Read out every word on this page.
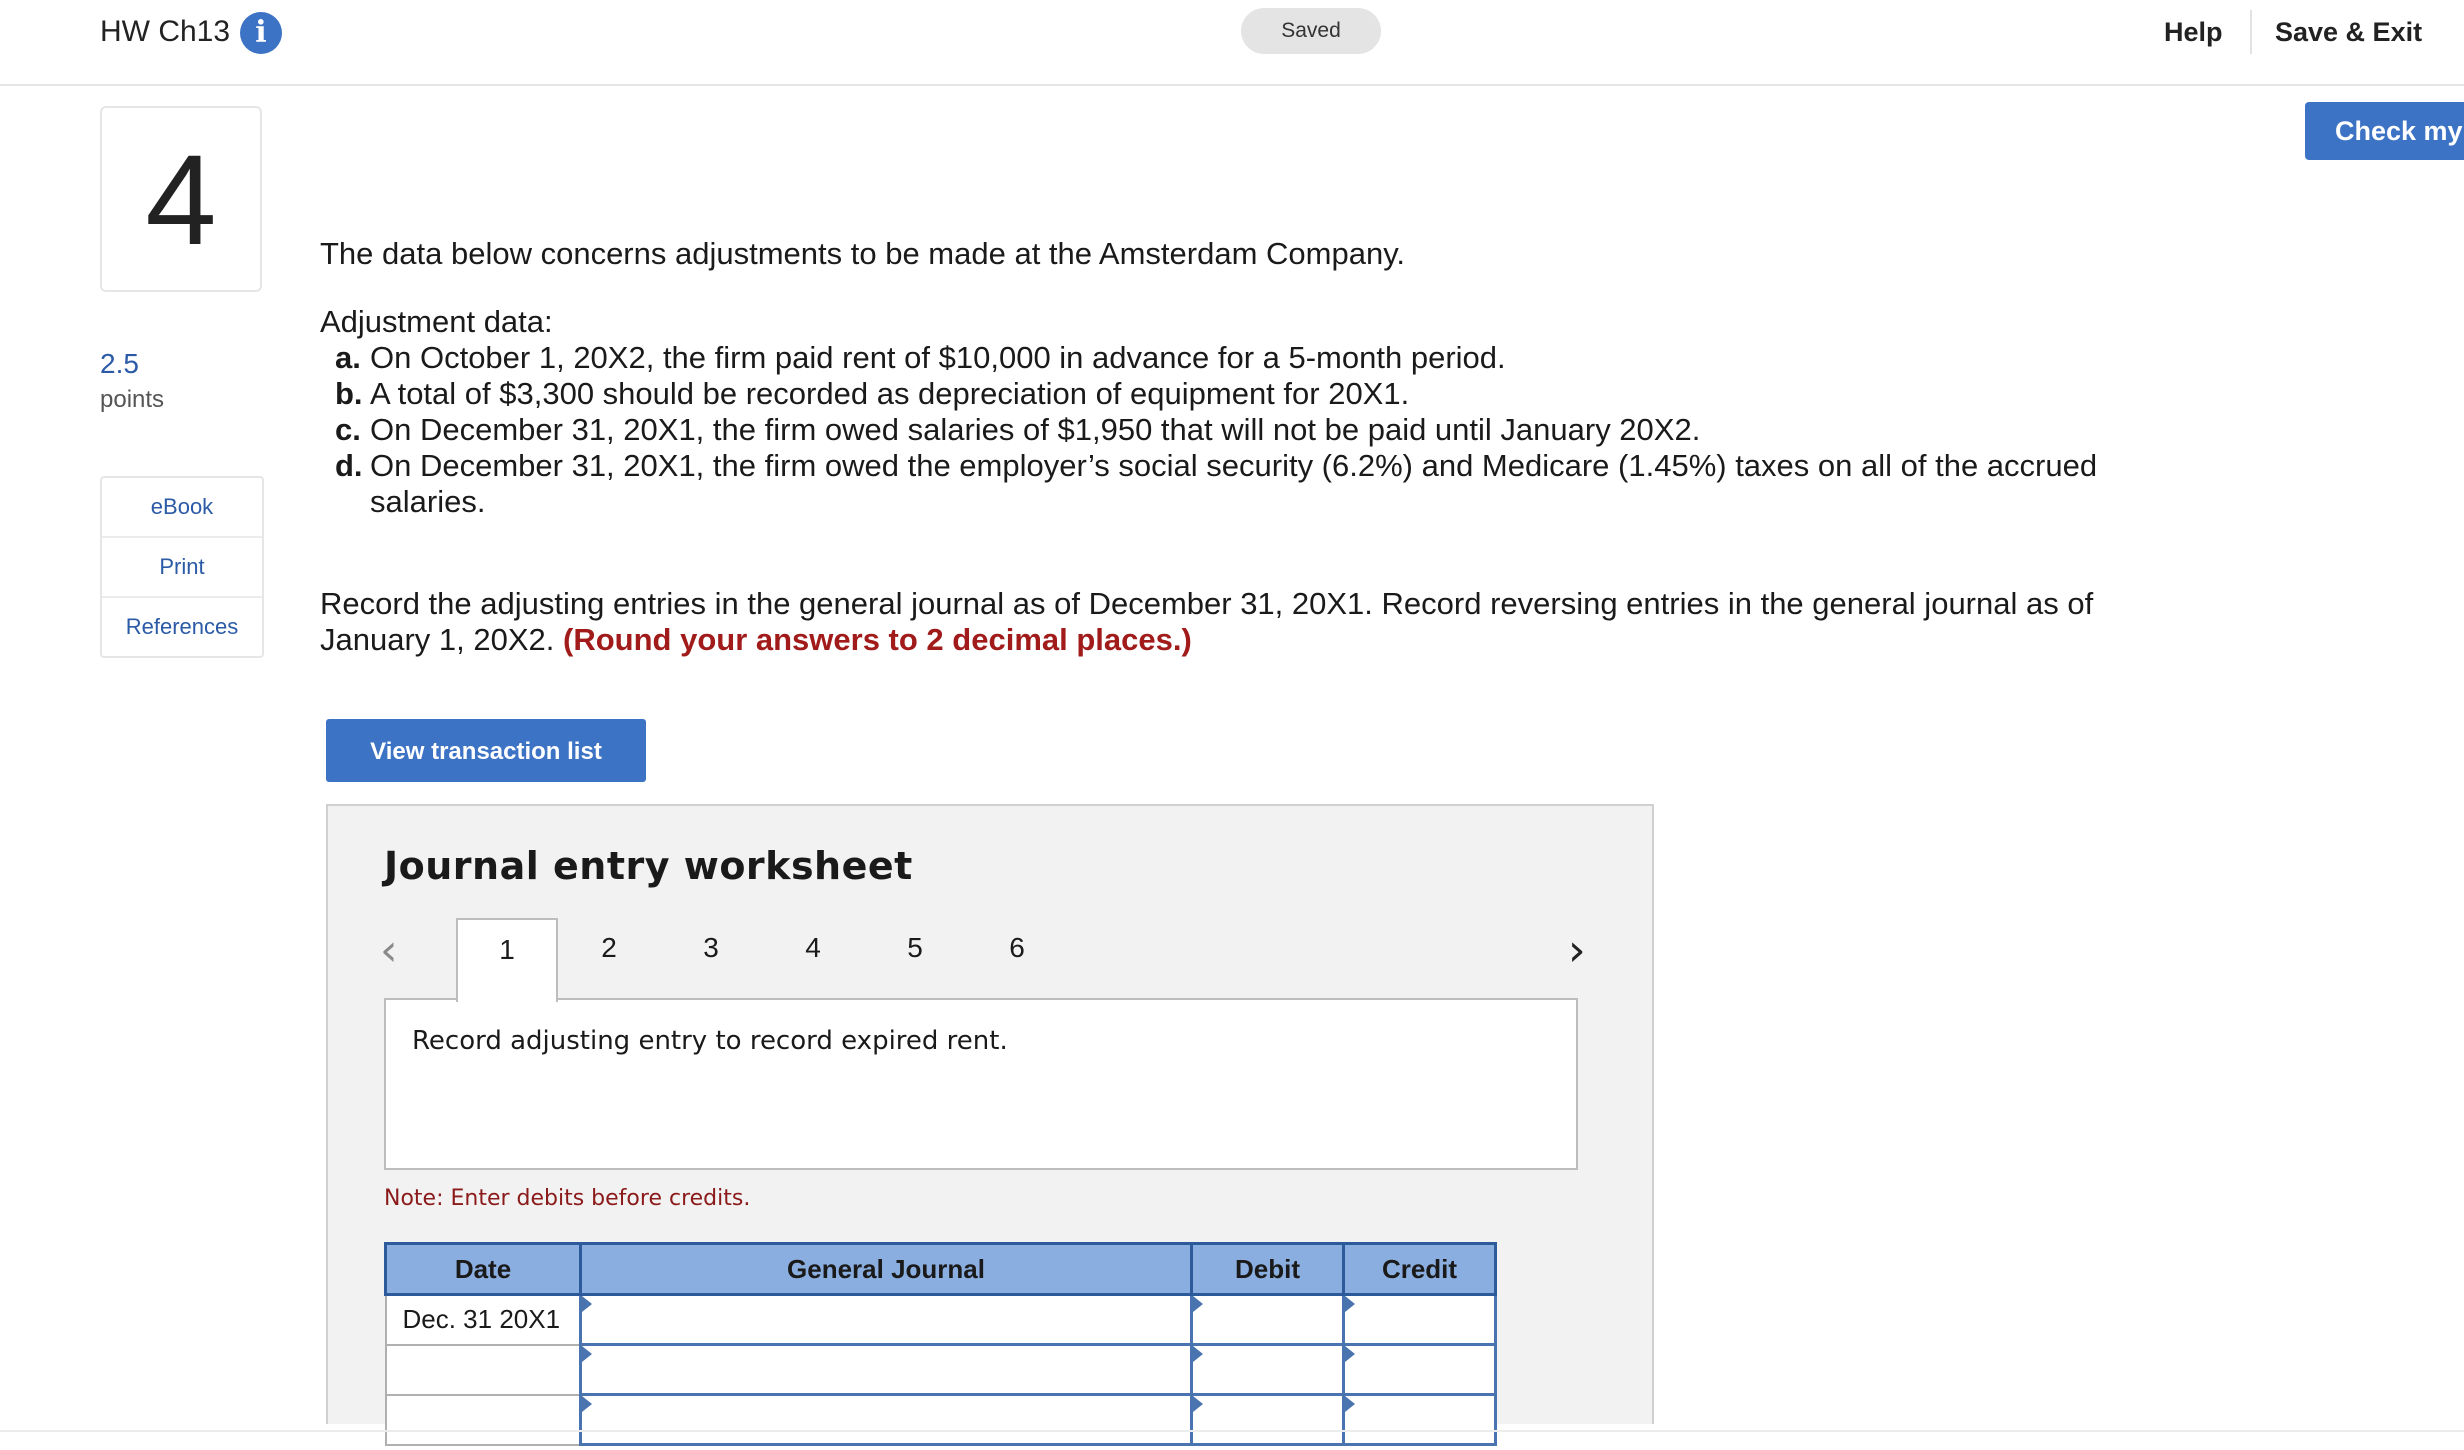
HW Ch13 i	Saved	Help Save & Exit
Check my
4
2.5
points
eBook
Print
References
The data below concerns adjustments to be made at the Amsterdam Company.
Adjustment data:
a. On October 1, 20X2, the firm paid rent of $10,000 in advance for a 5-month period.
b. A total of $3,300 should be recorded as depreciation of equipment for 20X1.
c. On December 31, 20X1, the firm owed salaries of $1,950 that will not be paid until January 20X2.
d. On December 31, 20X1, the firm owed the employer’s social security (6.2%) and Medicare (1.45%) taxes on all of the accrued salaries.
Record the adjusting entries in the general journal as of December 31, 20X1. Record reversing entries in the general journal as of January 1, 20X2. (Round your answers to 2 decimal places.)
View transaction list
Journal entry worksheet
‹	1	2	3	4	5	6	›
Record adjusting entry to record expired rent.
Note: Enter debits before credits.
Date	General Journal	Debit	Credit
Dec. 31 20X1	
